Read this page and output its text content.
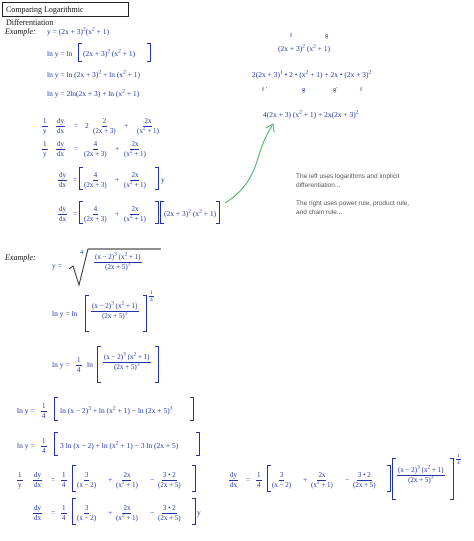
Comparing Logarithmic Differentiation
Example: $y = (2x + 3)^2(x^2 + 1)$
$\ln y = \ln (2x + 3)^2$ $(x^2 + 1)$
$\ln y = \ln (2x + 3)^2 + \ln (x^2 + 1)$
$\ln y = 2\ln(2x + 3) + \ln (x^2 + 1)$
$\frac{1}{y} \frac{dy}{dx} = 2 \frac{2}{(2x + 3)} + \frac{2x}{(x^2 + 1)}$
$\frac{1}{y} \frac{dy}{dx} = \frac{4}{(2x + 3)} + \frac{2x}{(x^2 + 1)}$
$\frac{dy}{dx} = \frac{4}{(2x + 3)} + \frac{2x}{(x^2 + 1)}$ y
$\frac{dy}{dx} = \frac{4}{(2x + 3)} + \frac{2x}{(x^2 + 1)} (2x + 3)^2$ $(x^2 + 1)$
f	g
$(2x + 3)^2$ $(x^2 + 1)$
$2(2x + 3)^1$ • 2 • $(x^2 + 1) + 2x$ • $(2x + 3)^2$
f '	g	g'	f
4(2x + 3) $(x^2 + 1) + 2x(2x + 3)^2$
The left uses logarithms and implicit
differentiation...
The right uses power rule, product rule,
and chain rule...
Example:
y =
4
$\frac{(x - 2)^3 (x^2 + 1)}{(2x + 5)^3}$
$\ln y = \ln \frac{(x - 2)^3 (x^2 + 1)}{(2x + 5)^3}$
$\frac{1}{4}$
$\ln y = \frac{1}{4}$ $\ln \frac{(x - 2)^3 (x^2 + 1)}{(2x + 5)^3}$
$\ln y = \frac{1}{4}$ $\ln (x - 2)^3 + \ln (x^2 + 1) - \ln (2x + 5)^3$
$\ln y = \frac{1}{4} 3$ $\ln (x - 2) + \ln (x^2 + 1) - 3$ ln (2x + 5)
$\frac{1}{y} \frac{dy}{dx} = \frac{1}{4} \frac{3}{(x - 2)} + \frac{2x}{(x^2 + 1)} - \frac{3 • 2}{(2x + 5)}$
$\frac{dy}{dx} = \frac{1}{4} \frac{3}{(x - 2)} + \frac{2x}{(x^2 + 1)} - \frac{3 • 2}{(2x + 5)}$ y
$\frac{dy}{dx} = \frac{1}{4} \frac{3}{(x - 2)} + \frac{2x}{(x^2 + 1)} - \frac{3 • 2}{(2x + 5)}$	$\frac{(x - 2)^3 (x^2 + 1)}{(2x + 5)^3}$
$\frac{1}{4}$
